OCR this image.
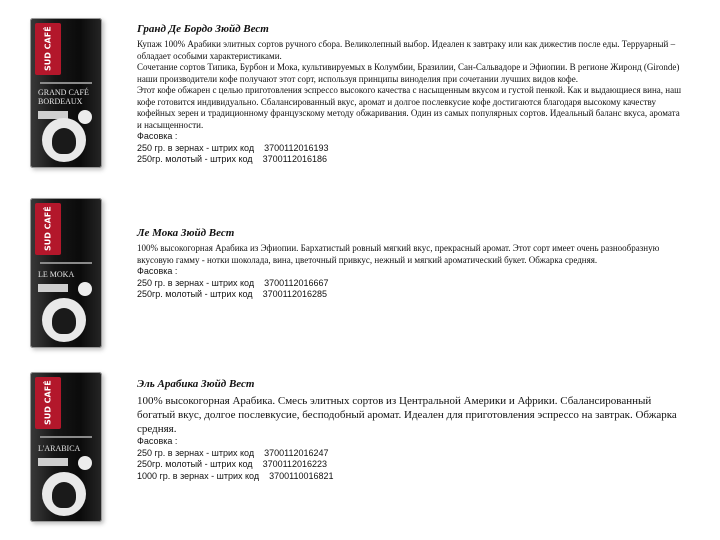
SUD CAFÉ
GRAND CAFÉ
BORDEAUX
Гранд Де Бордо Зюйд Вест

Купаж 100% Арабики элитных сортов ручного сбора. Великолепный выбор. Идеален к завтраку или как дижестив после еды. Терруарный – обладает особыми характеристиками.

Сочетание сортов Типика, Бурбон и Мока, культивируемых в Колумбии, Бразилии, Сан-Сальвадоре и Эфиопии. В регионе Жиронд (Gironde) наши производители кофе получают этот сорт, используя принципы виноделия при сочетании лучших видов кофе.

Этот кофе обжарен с целью приготовления эспрессо высокого качества с насыщенным вкусом и густой пенкой. Как и выдающиеся вина, наш кофе готовится индивидуально. Сбалансированный вкус, аромат и долгое послевкусие кофе достигаются благодаря высокому качеству кофейных зерен и традиционному французскому методу обжаривания. Один из самых популярных сортов. Идеальный баланс вкуса, аромата и насыщенности.

Фасовка :
250 гр. в зернах - штрих код 3700112016193
250гр. молотый - штрих код 3700112016186
SUD CAFÉ
LE MOKA
Ле Мока Зюйд Вест

100% высокогорная Арабика из Эфиопии. Бархатистый ровный мягкий вкус, прекрасный аромат. Этот сорт имеет очень разнообразную вкусовую гамму - нотки шоколада, вина, цветочный привкус, нежный и мягкий ароматический букет. Обжарка средняя.

Фасовка :
250 гр. в зернах - штрих код 3700112016667
250гр. молотый - штрих код 3700112016285
SUD CAFÉ
L'ARABICA
Эль Арабика Зюйд Вест

100% высокогорная Арабика. Смесь элитных сортов из Центральной Америки и Африки. Сбалансированный богатый вкус, долгое послевкусие, бесподобный аромат. Идеален для приготовления эспрессо на завтрак. Обжарка средняя.

Фасовка :
250 гр. в зернах - штрих код 3700112016247
250гр. молотый - штрих код 3700112016223
1000 гр. в зернах - штрих код 3700110016821
